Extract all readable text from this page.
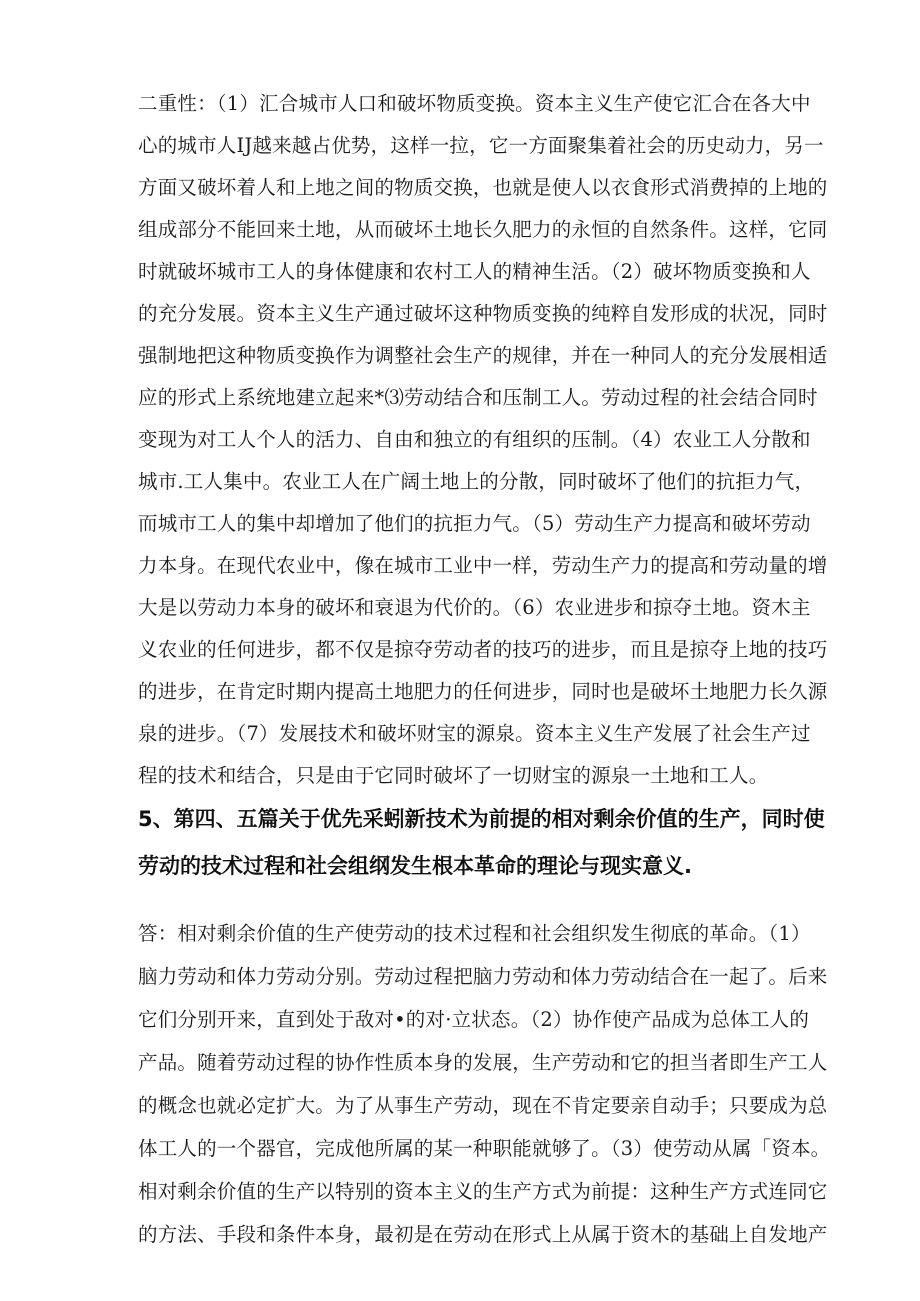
二重性：（1）汇合城市人口和破坏物质变换。资本主义生产使它汇合在各大中
心的城市人IJ越来越占优势，这样一拉，它一方面聚集着社会的历史动力，另一
方面又破坏着人和上地之间的物质交换，也就是使人以衣食形式消费掉的上地的
组成部分不能回来土地，从而破坏土地长久肥力的永恒的自然条件。这样，它同
时就破坏城市工人的身体健康和农村工人的精神生活。（2）破坏物质变换和人
的充分发展。资本主义生产通过破坏这种物质变换的纯粹自发形成的状况，同时
强制地把这种物质变换作为调整社会生产的规律，并在一种同人的充分发展相适
应的形式上系统地建立起来*⑶劳动结合和压制工人。劳动过程的社会结合同时
变现为对工人个人的活力、自由和独立的有组织的压制。（4）农业工人分散和
城市.工人集中。农业工人在广阔土地上的分散，同时破坏了他们的抗拒力气，
而城市工人的集中却增加了他们的抗拒力气。（5）劳动生产力提高和破坏劳动
力本身。在现代农业中，像在城市工业中一样，劳动生产力的提高和劳动量的增
大是以劳动力本身的破坏和衰退为代价的。（6）农业进步和掠夺土地。资木主
义农业的任何进步，都不仅是掠夺劳动者的技巧的进步，而且是掠夺上地的技巧
的进步，在肯定时期内提高土地肥力的任何进步，同时也是破坏土地肥力长久源
泉的进步。（7）发展技术和破坏财宝的源泉。资本主义生产发展了社会生产过
程的技术和结合，只是由于它同时破坏了一切财宝的源泉一土地和工人。
5、第四、五篇关于优先采蚓新技术为前提的相对剩余价值的生产，同时使
劳动的技术过程和社会组纲发生根本革命的理论与现实意义.
答：相对剩余价值的生产使劳动的技术过程和社会组织发生彻底的革命。（1）
脑力劳动和体力劳动分别。劳动过程把脑力劳动和体力劳动结合在一起了。后来
它们分别开来，直到处于敌对•的对·立状态。（2）协作使产品成为总体工人的
产品。随着劳动过程的协作性质本身的发展，生产劳动和它的担当者即生产工人
的概念也就必定扩大。为了从事生产劳动，现在不肯定要亲自动手；只要成为总
体工人的一个器官，完成他所属的某一种职能就够了。（3）使劳动从属「资本。
相对剩余价值的生产以特别的资本主义的生产方式为前提：这种生产方式连同它
的方法、手段和条件本身，最初是在劳动在形式上从属于资木的基础上自发地产
